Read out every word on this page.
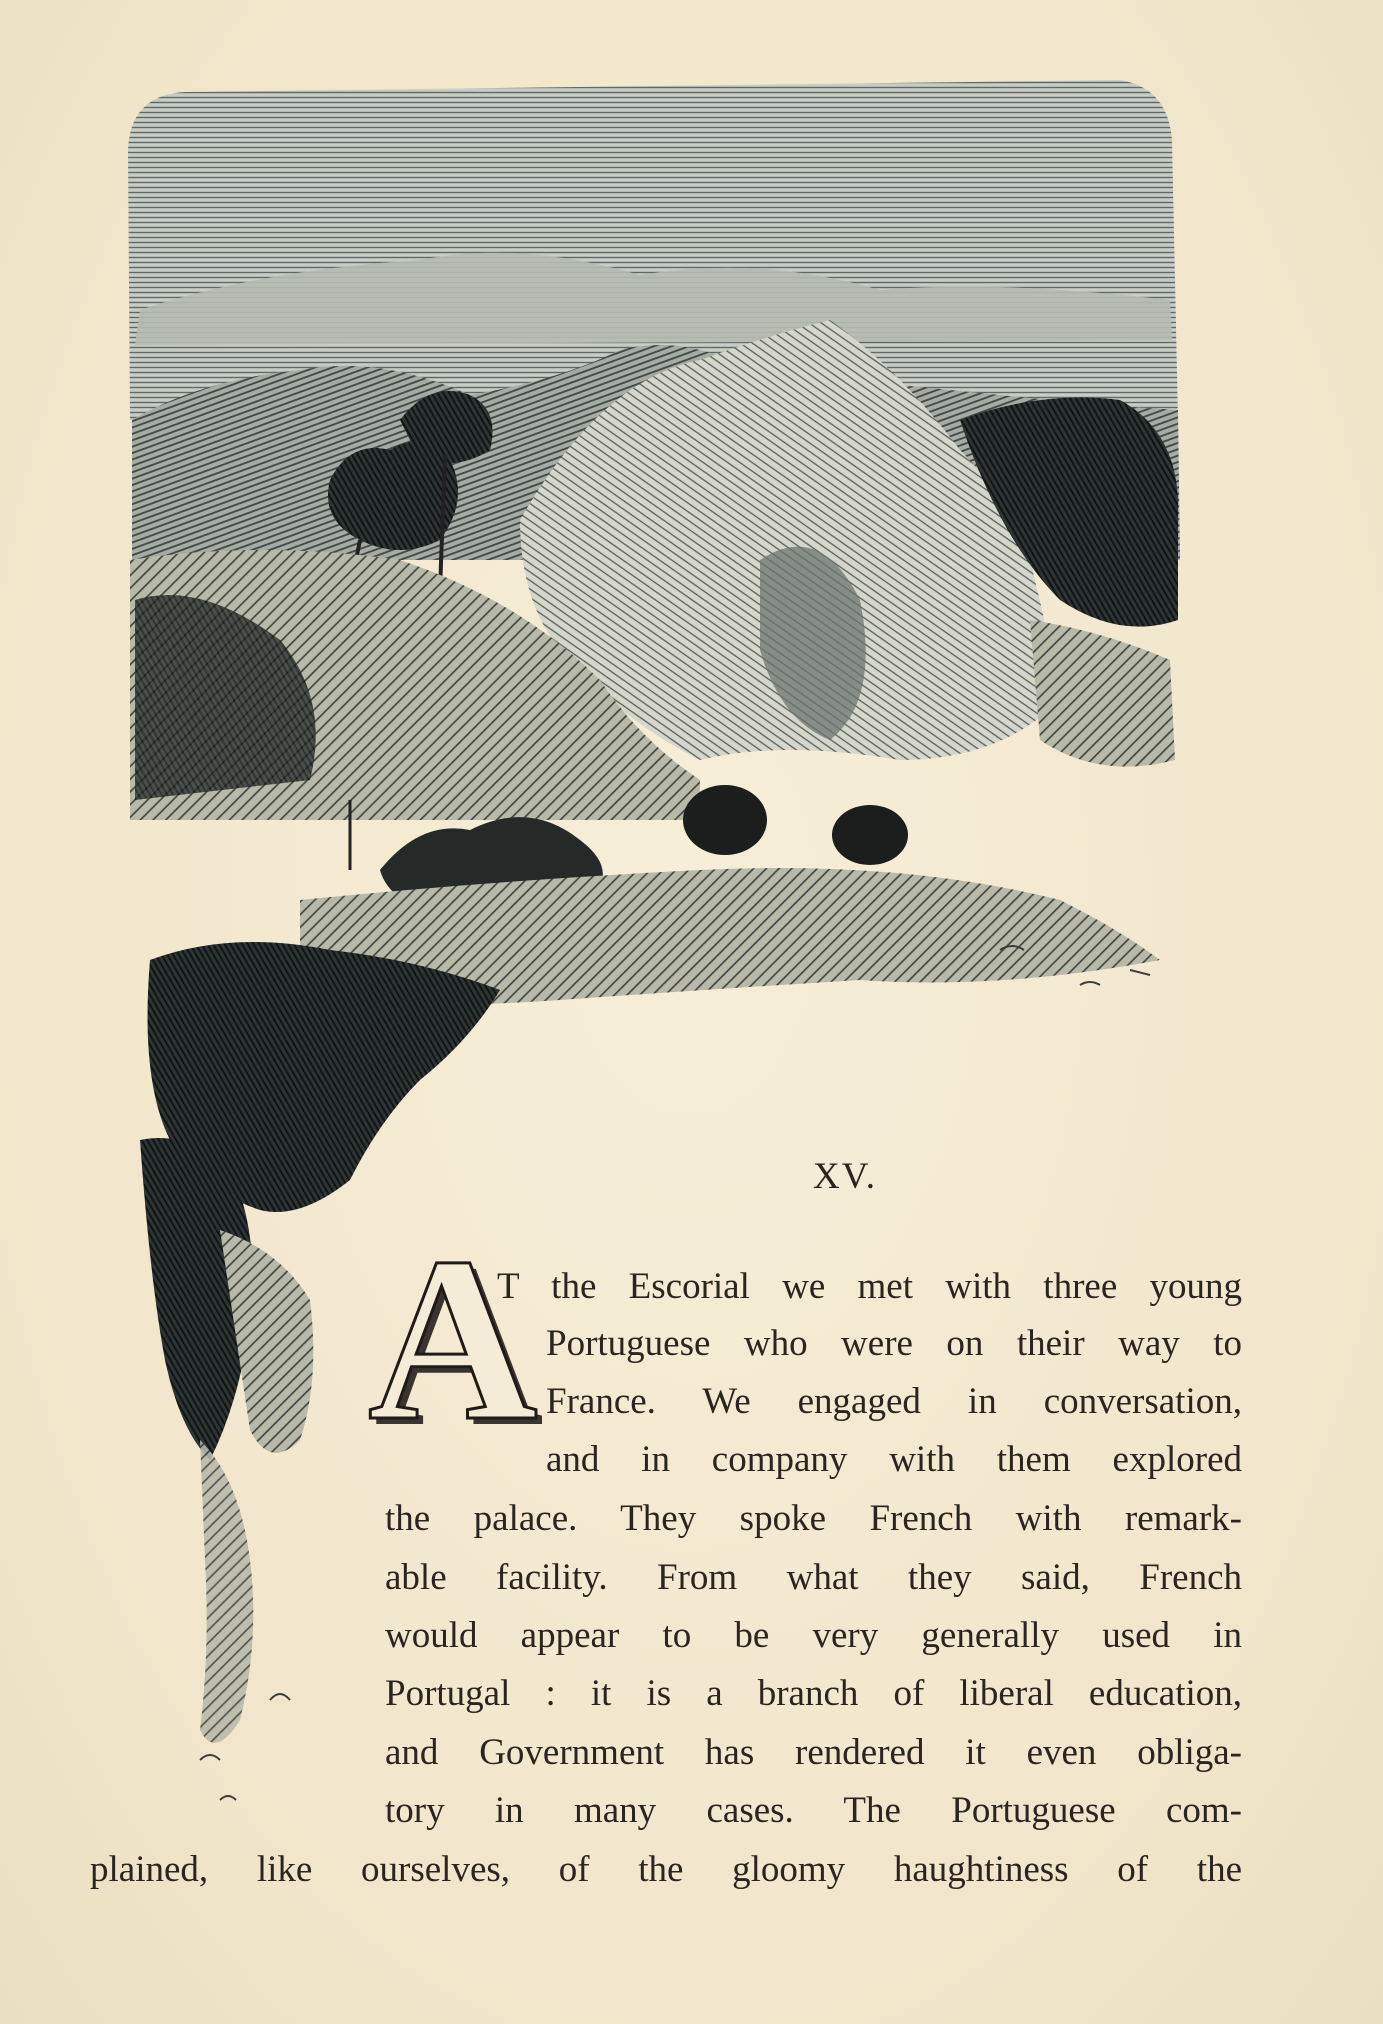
XV.
A
T the Escorial we met with three young
Portuguese who were on their way to
France. We engaged in conversation,
and in company with them explored
the palace. They spoke French with remark-
able facility. From what they said, French
would appear to be very generally used in
Portugal : it is a branch of liberal education,
and Government has rendered it even obliga-
tory in many cases. The Portuguese com-
plained, like ourselves, of the gloomy haughtiness of the
